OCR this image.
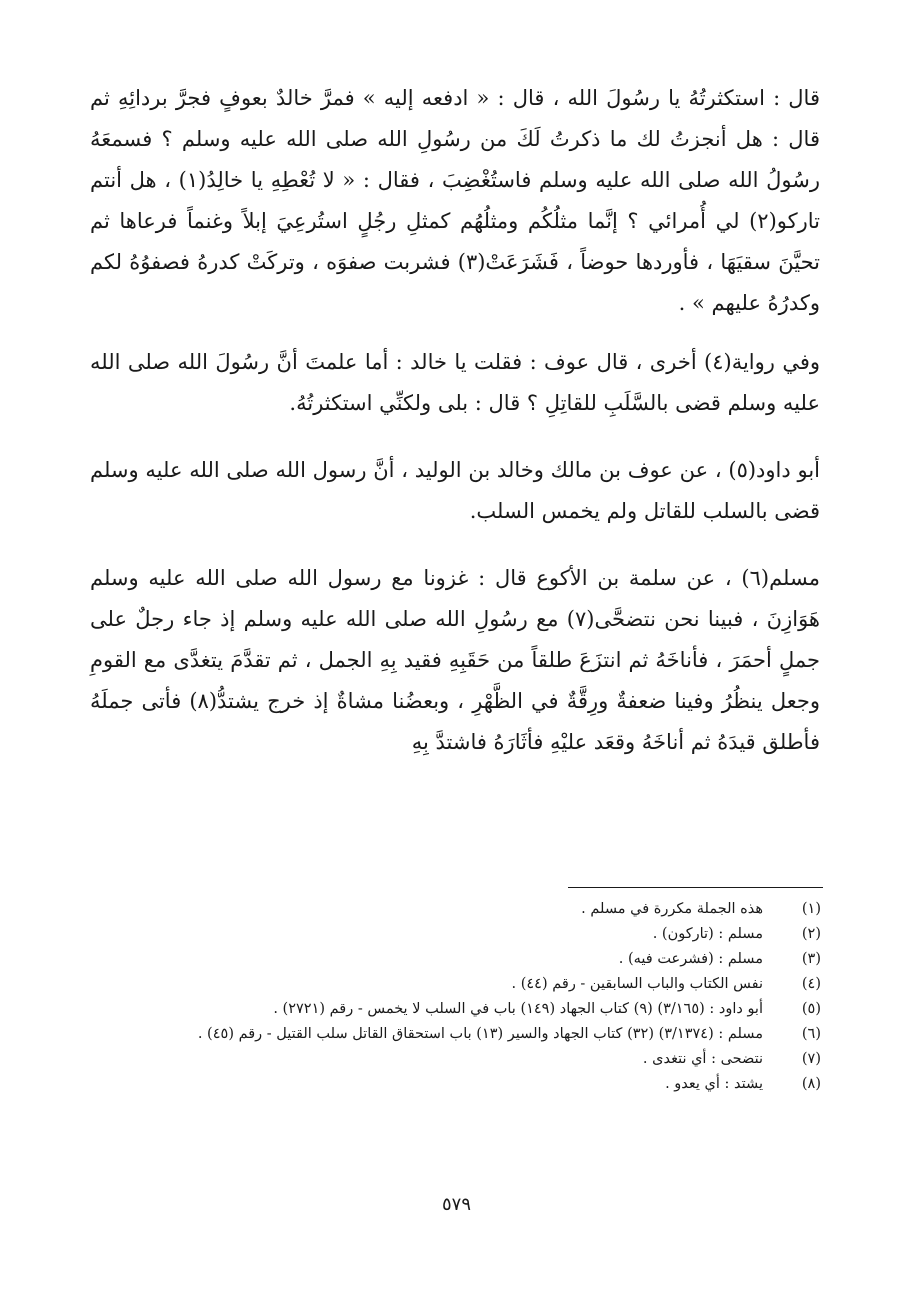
قال : استكثرتُهُ يا رسُولَ الله ، قال : « ادفعه إليه » فمرَّ خالدٌ بعوفٍ فجرَّ بردائِهِ ثم قال : هل أنجزتُ لك ما ذكرتُ لَكَ من رسُولِ الله صلى الله عليه وسلم ؟ فسمعَهُ رسُولُ الله صلى الله عليه وسلم فاستُغْضِبَ ، فقال : « لا تُعْطِهِ يا خالِدُ(١) ، هل أنتم تاركو(٢) لي أُمرائي ؟ إنَّما مثلُكُم ومثلُهُم كمثلِ رجُلٍ استُرعِيَ إبلاً وغنماً فرعاها ثم تحيَّنَ سقيَهَا ، فأوردها حوضاً ، فَشَرَعَتْ(٣) فشربت صفوَه ، وتركَتْ كدرهُ فصفوُهُ لكم وكدرُهُ عليهم » .

وفي رواية(٤) أخرى ، قال عوف : فقلت يا خالد : أما علمتَ أنَّ رسُولَ الله صلى الله عليه وسلم قضى بالسَّلَبِ للقاتِلِ ؟ قال : بلى ولكنِّي استكثرتُهُ.

أبو داود(٥) ، عن عوف بن مالك وخالد بن الوليد ، أنَّ رسول الله صلى الله عليه وسلم قضى بالسلب للقاتل ولم يخمس السلب.

مسلم(٦) ، عن سلمة بن الأكوع قال : غزونا مع رسول الله صلى الله عليه وسلم هَوَازِنَ ، فبينا نحن نتضحَّى(٧) مع رسُولِ الله صلى الله عليه وسلم إذ جاء رجلٌ على جملٍ أحمَرَ ، فأناخَهُ ثم انتزَعَ طلقاً من حَقَبِهِ فقيد بِهِ الجمل ، ثم تقدَّمَ يتغدَّى مع القومِ وجعل ينظُرُ وفينا ضعفةٌ ورِقَّةٌ في الظَّهْرِ ، وبعضُنا مشاةٌ إذ خرج يشتدُّ(٨) فأتى جملَهُ فأطلق قيدَهُ ثم أناخَهُ وقعَد عليْهِ فأثَارَهُ فاشتدَّ بِهِ

(١)
هذه الجملة مكررة في مسلم .
(٢)
مسلم : (تاركون) .
(٣)
مسلم : (فشرعت فيه) .
(٤)
نفس الكتاب والباب السابقين - رقم (٤٤) .
(٥)
أبو داود : (٣/١٦٥) (٩) كتاب الجهاد (١٤٩) باب في السلب لا يخمس - رقم (٢٧٢١) .
(٦)
مسلم : (٣/١٣٧٤) (٣٢) كتاب الجهاد والسير (١٣) باب استحقاق القاتل سلب القتيل - رقم (٤٥) .
(٧)
نتضحى : أي نتغدى .
(٨)
يشتد : أي يعدو .
٥٧٩
